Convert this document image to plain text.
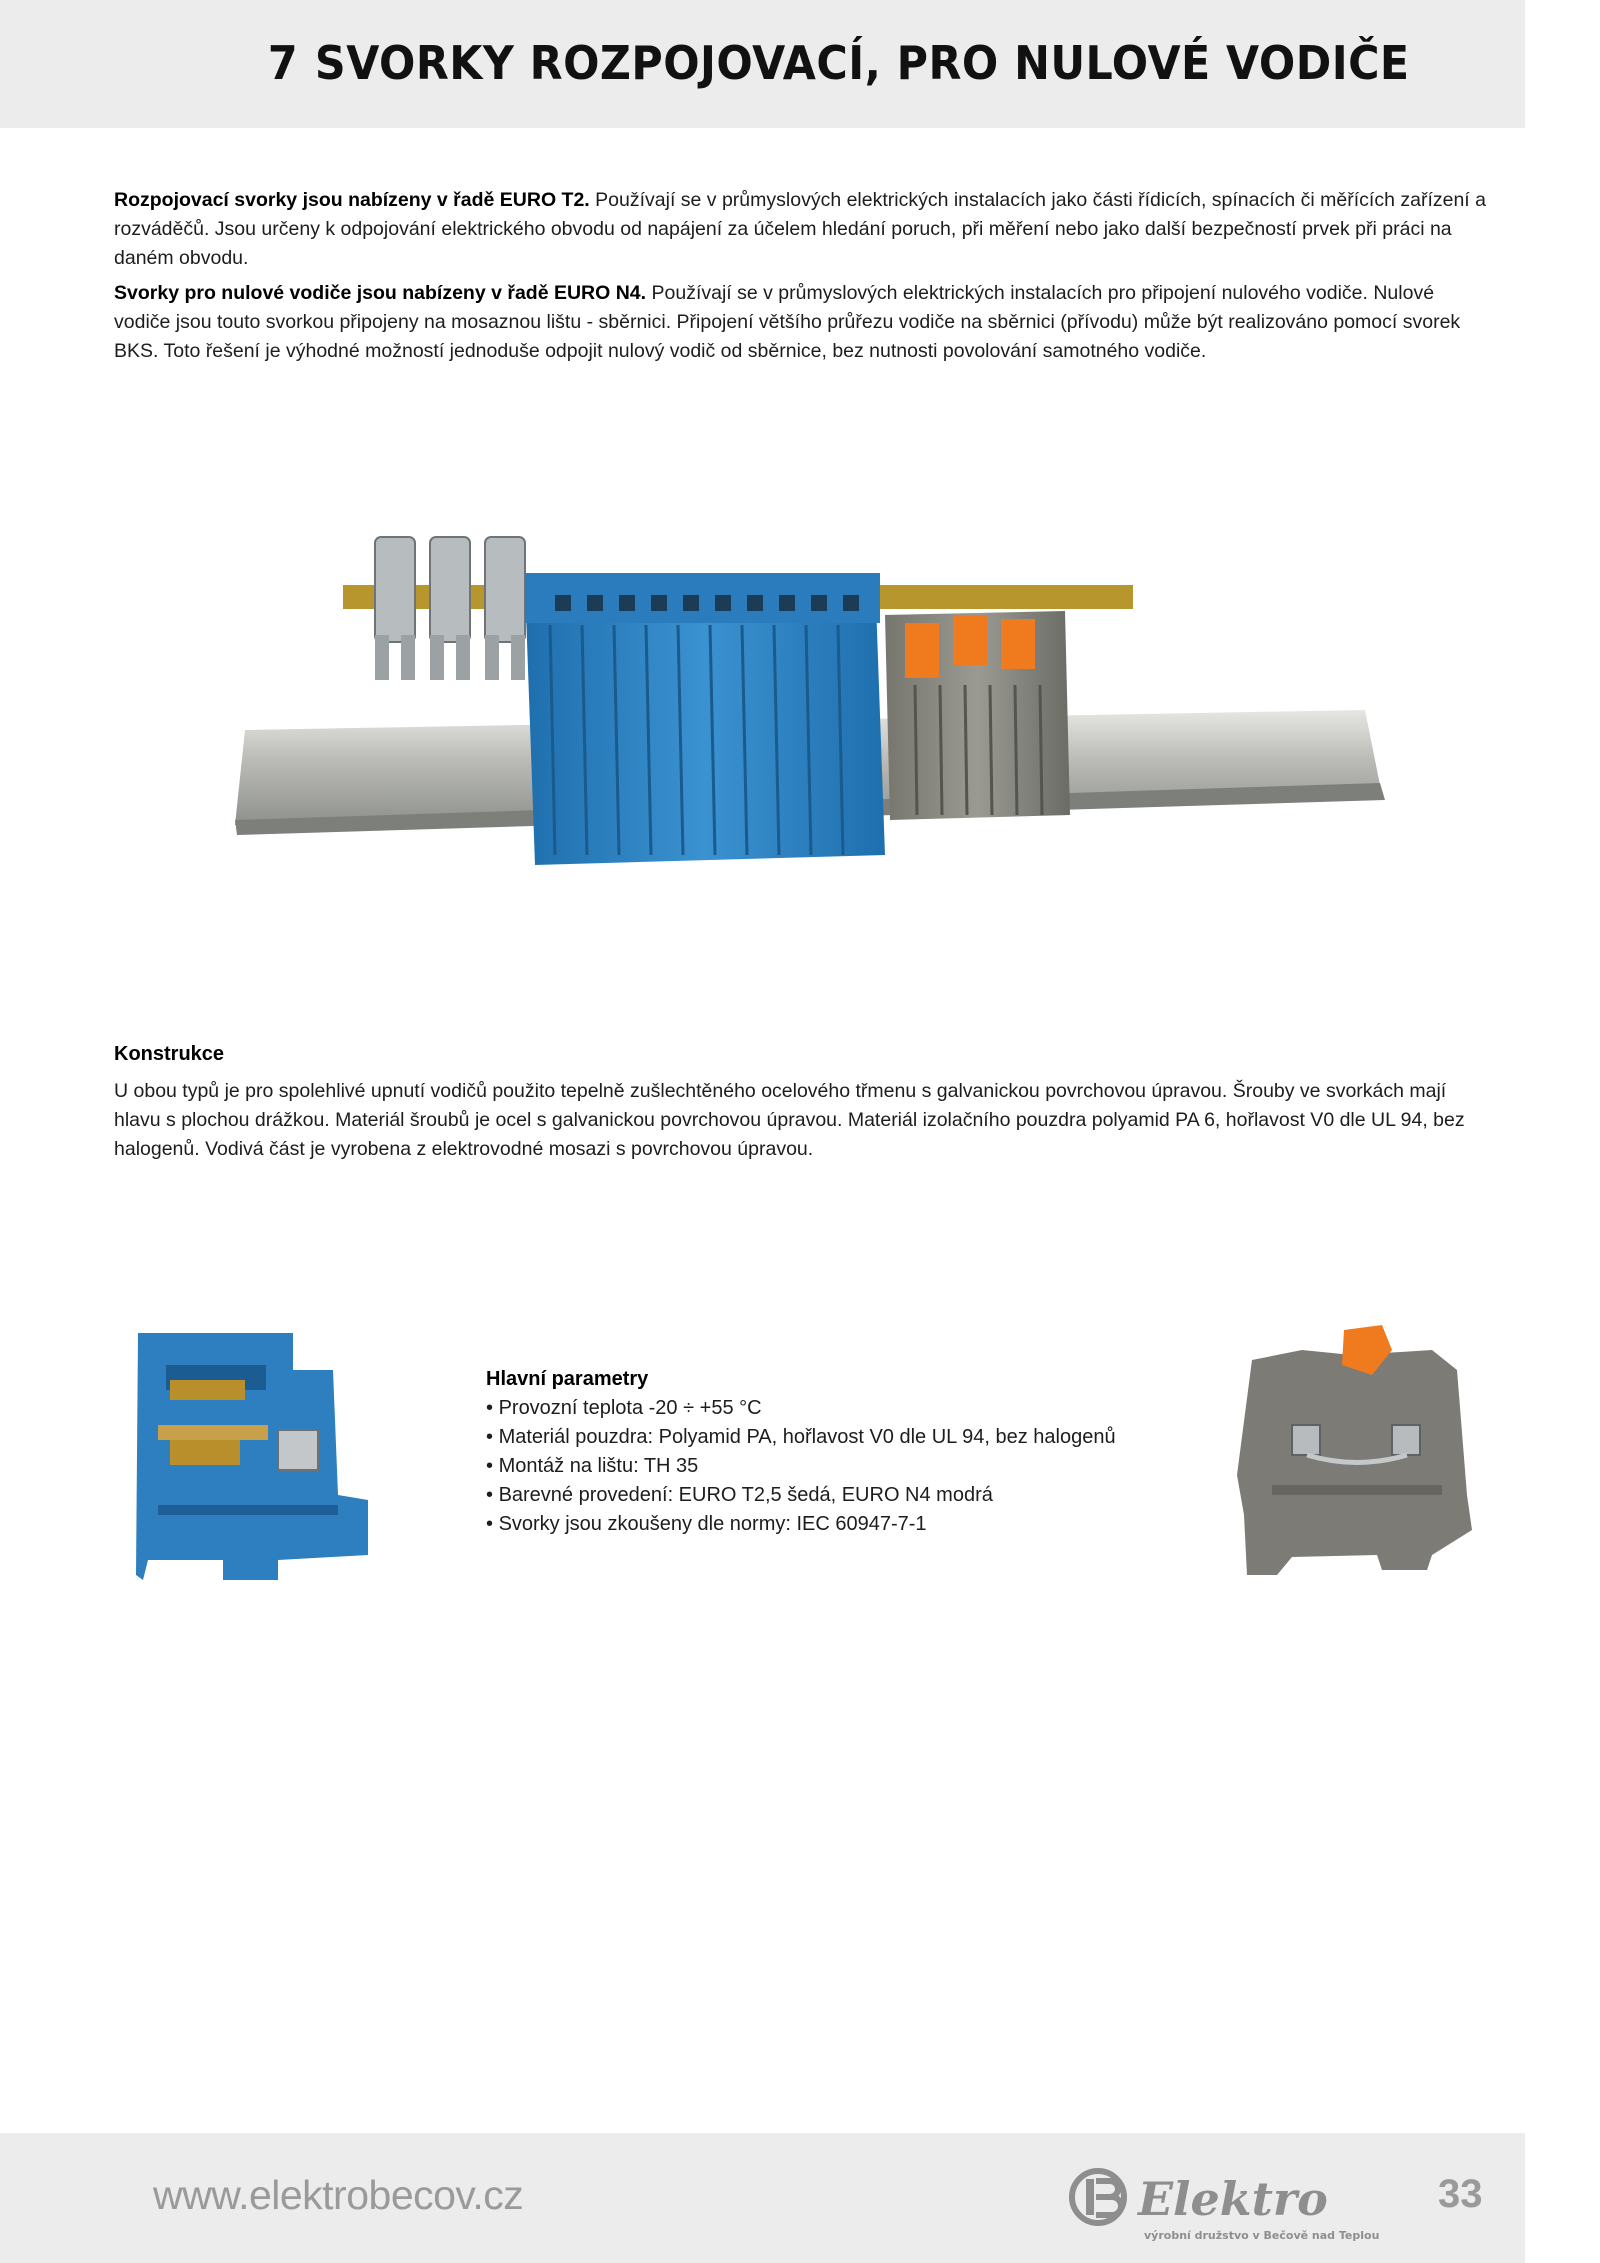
7 SVORKY ROZPOJOVACÍ, PRO NULOVÉ VODIČE

Rozpojovací svorky jsou nabízeny v řadě EURO T2. Používají se v průmyslových elektrických instalacích jako části řídicích, spínacích či měřících zařízení a rozváděčů. Jsou určeny k odpojování elektrického obvodu od napájení za účelem hledání poruch, při měření nebo jako další bezpečností prvek při práci na daném obvodu.

Svorky pro nulové vodiče jsou nabízeny v řadě EURO N4. Používají se v průmyslových elektrických instalacích pro připojení nulového vodiče. Nulové vodiče jsou touto svorkou připojeny na mosaznou lištu - sběrnici. Připojení většího průřezu vodiče na sběrnici (přívodu) může být realizováno pomocí svorek BKS. Toto řešení je výhodné možností jednoduše odpojit nulový vodič od sběrnice, bez nutnosti povolování samotného vodiče.

Konstrukce

U obou typů je pro spolehlivé upnutí vodičů použito tepelně zušlechtěného ocelového třmenu s galvanickou povrchovou úpravou. Šrouby ve svorkách mají hlavu s plochou drážkou. Materiál šroubů je ocel s galvanickou povrchovou úpravou. Materiál izolačního pouzdra polyamid PA 6, hořlavost V0 dle UL 94, bez halogenů. Vodivá část je vyrobena z elektrovodné mosazi s povrchovou úpravou.

Hlavní parametry
• Provozní teplota -20 ÷ +55 °C
• Materiál pouzdra: Polyamid PA, hořlavost V0 dle UL 94, bez halogenů
• Montáž na lištu: TH 35
• Barevné provedení: EURO T2,5 šedá, EURO N4 modrá
• Svorky jsou zkoušeny dle normy: IEC 60947-7-1
www.elektrobecov.cz	Elektro
výrobní družstvo v Bečově nad Teplou
33
